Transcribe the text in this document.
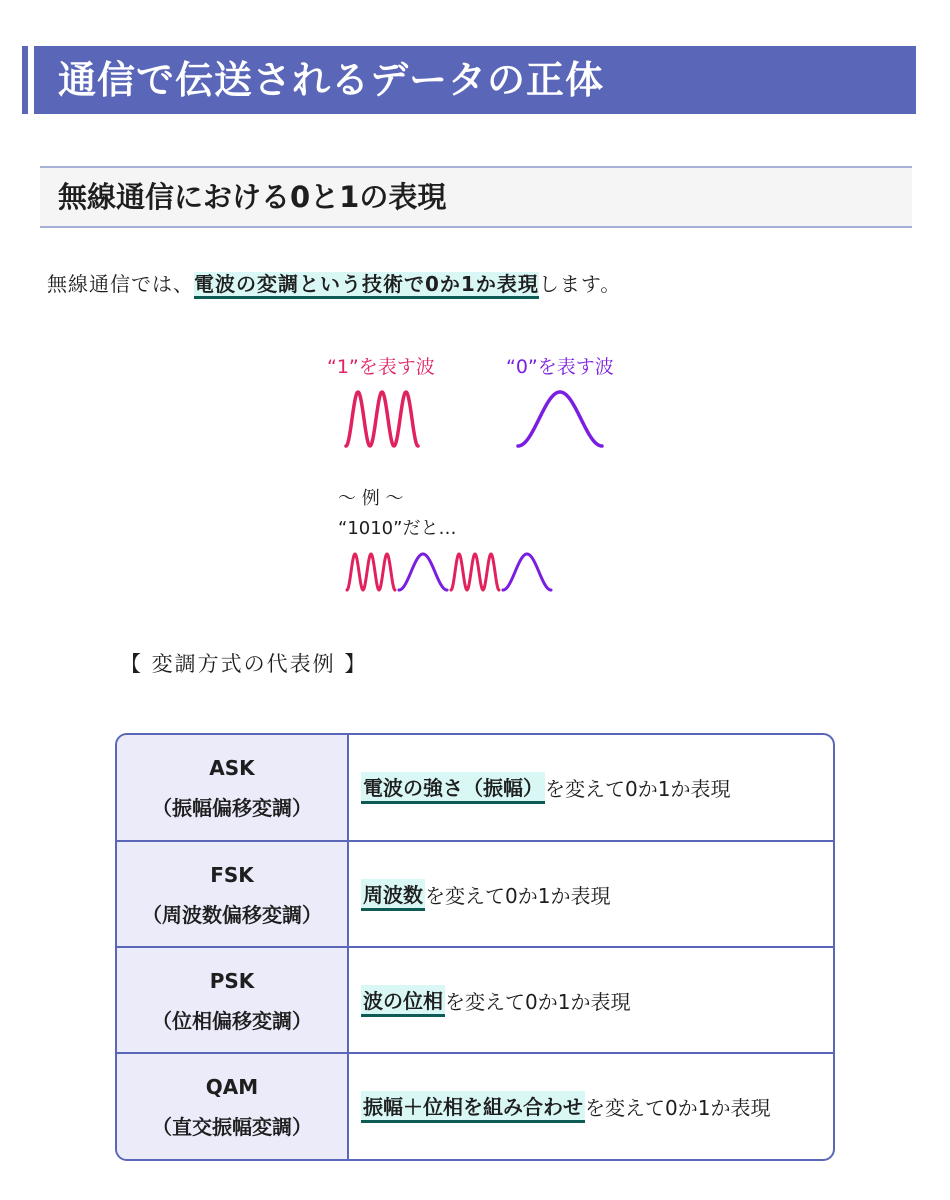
通信で伝送されるデータの正体
無線通信における0と1の表現
無線通信では、電波の変調という技術で0か1か表現します。
“1”を表す波	“0”を表す波
～ 例 ～
“1010”だと…
【 変調方式の代表例 】
ASK
（振幅偏移変調）
電波の強さ（振幅） を変えて0か1か表現
FSK
（周波数偏移変調）
周波数 を変えて0か1か表現
PSK
（位相偏移変調）
波の位相 を変えて0か1か表現
QAM
（直交振幅変調）
振幅＋位相を組み合わせ を変えて0か1か表現
